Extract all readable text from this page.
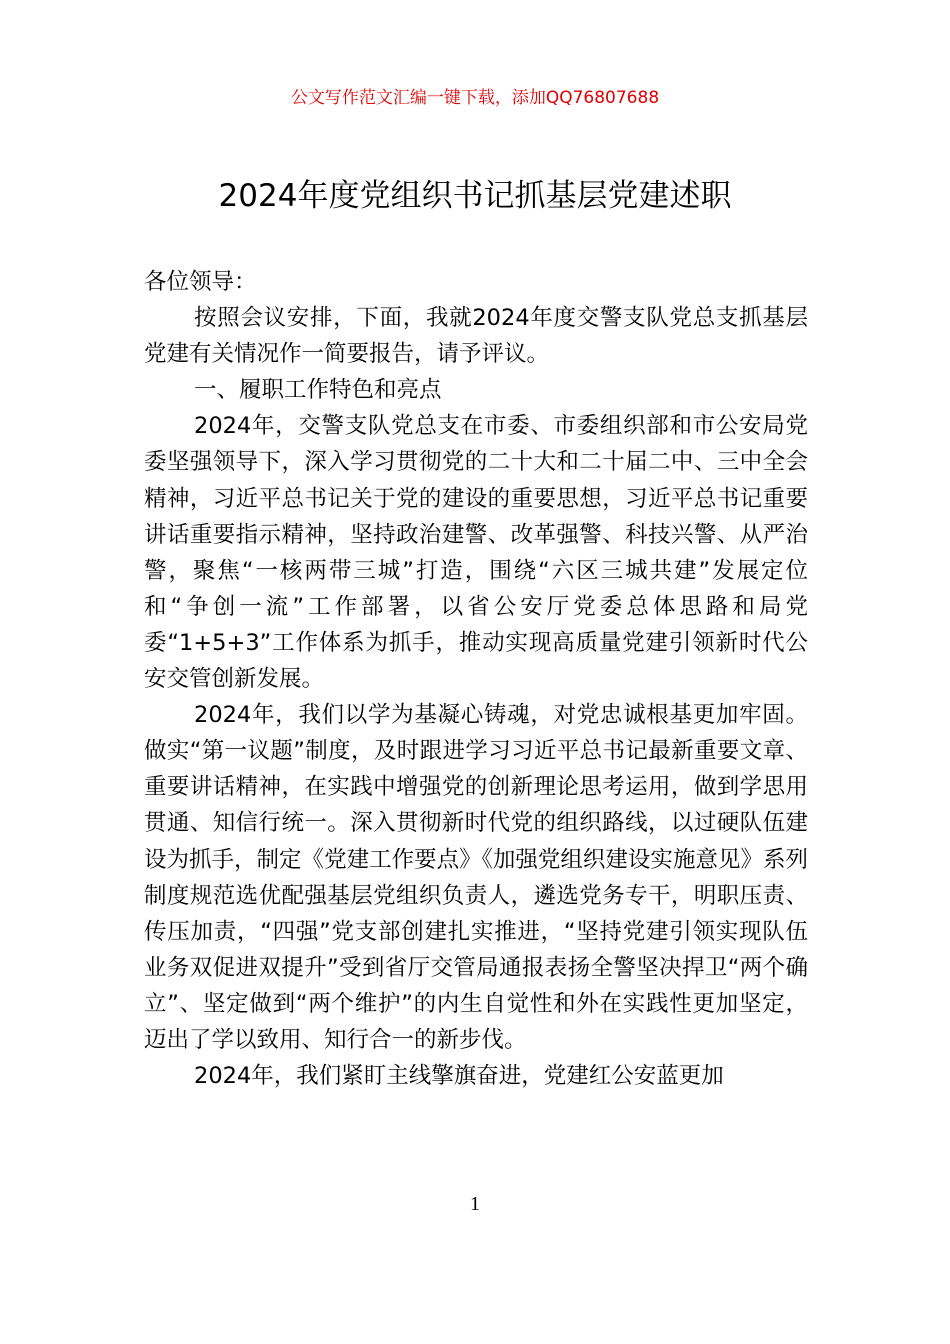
公文写作范文汇编一键下载，添加QQ76807688
2024年度党组织书记抓基层党建述职

各位领导：

按照会议安排，下面，我就2024年度交警支队党总支抓基层党建有关情况作一简要报告，请予评议。

一、履职工作特色和亮点

2024年，交警支队党总支在市委、市委组织部和市公安局党委坚强领导下，深入学习贯彻党的二十大和二十届二中、三中全会精神，习近平总书记关于党的建设的重要思想，习近平总书记重要讲话重要指示精神，坚持政治建警、改革强警、科技兴警、从严治警，聚焦“一核两带三城”打造，围绕“六区三城共建”发展定位和“争创一流”工作部署，以省公安厅党委总体思路和局党委“1+5+3”工作体系为抓手，推动实现高质量党建引领新时代公安交管创新发展。

2024年，我们以学为基凝心铸魂，对党忠诚根基更加牢固。做实“第一议题”制度，及时跟进学习习近平总书记最新重要文章、重要讲话精神，在实践中增强党的创新理论思考运用，做到学思用贯通、知信行统一。深入贯彻新时代党的组织路线，以过硬队伍建设为抓手，制定《党建工作要点》《加强党组织建设实施意见》系列制度规范选优配强基层党组织负责人，遴选党务专干，明职压责、传压加责，“四强”党支部创建扎实推进，“坚持党建引领实现队伍业务双促进双提升”受到省厅交管局通报表扬全警坚决捍卫“两个确立”、坚定做到“两个维护”的内生自觉性和外在实践性更加坚定，迈出了学以致用、知行合一的新步伐。

2024年，我们紧盯主线擎旗奋进，党建红公安蓝更加

1
